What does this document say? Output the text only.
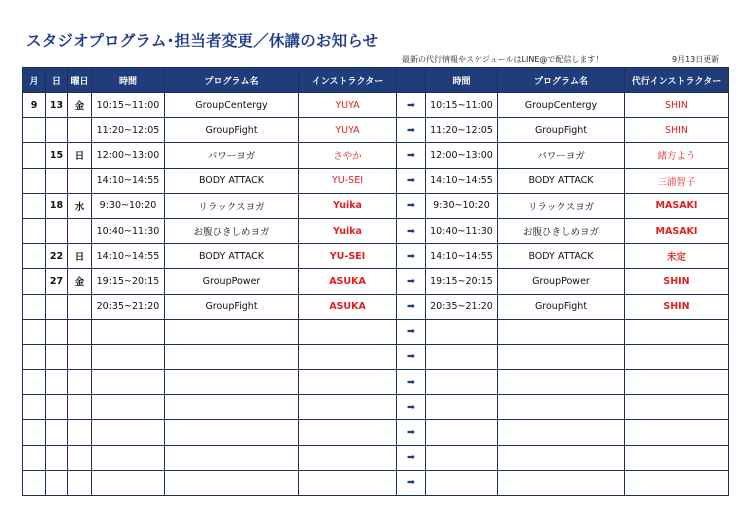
スタジオプログラム･担当者変更／休講のお知らせ
最新の代行情報やスケジュールはLINE@で配信します！	9月13日更新
月	日	曜日	時間	プログラム名	インストラクター		時間	プログラム名	代行インストラクター
9	13	金	10:15~11:00	GroupCentergy	YUYA	➡	10:15~11:00	GroupCentergy	SHIN
			11:20~12:05	GroupFight	YUYA	➡	11:20~12:05	GroupFight	SHIN
	15	日	12:00~13:00	パワーヨガ	さやか	➡	12:00~13:00	パワーヨガ	緒方よう
			14:10~14:55	BODY ATTACK	YU-SEI	➡	14:10~14:55	BODY ATTACK	三浦智子
	18	水	9:30~10:20	リラックスヨガ	Yuika	➡	9:30~10:20	リラックスヨガ	MASAKI
			10:40~11:30	お腹ひきしめヨガ	Yuika	➡	10:40~11:30	お腹ひきしめヨガ	MASAKI
	22	日	14:10~14:55	BODY ATTACK	YU-SEI	➡	14:10~14:55	BODY ATTACK	未定
	27	金	19:15~20:15	GroupPower	ASUKA	➡	19:15~20:15	GroupPower	SHIN
			20:35~21:20	GroupFight	ASUKA	➡	20:35~21:20	GroupFight	SHIN
						➡			
						➡			
						➡			
						➡			
						➡			
						➡			
						➡			
